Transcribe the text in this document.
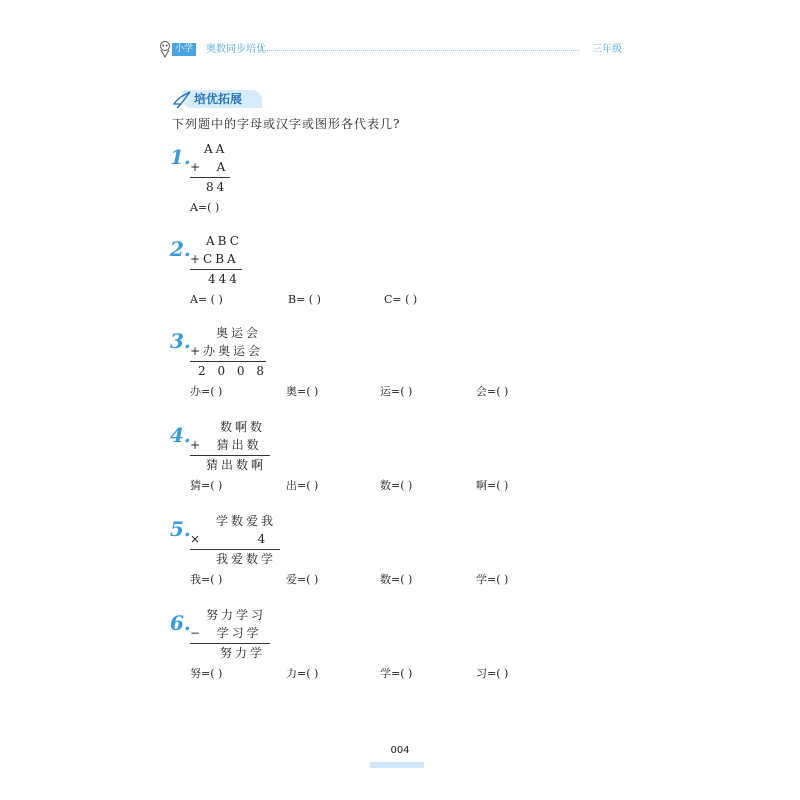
小学	奥数同步培优	三年级
培优拓展
下列题中的字母或汉字或图形各代表几?
1. AA
+  A
84
A=( )
2. ABC
+CBA
444
A= ( )	B= ( )	C= ( )
3. 奥运会
+办奥运会
2 0 0 8
办=( )	奥=( )	运=( )	会=( )
4. 数啊数
+  猜出数
猜出数啊
猜=( )	出=( )	数=( )	啊=( )
5. 学数爱我
×        4
我爱数学
我=( )	爱=( )	数=( )	学=( )
6. 努力学习
−  学习学
努力学
努=( )	力=( )	学=( )	习=( )
004
